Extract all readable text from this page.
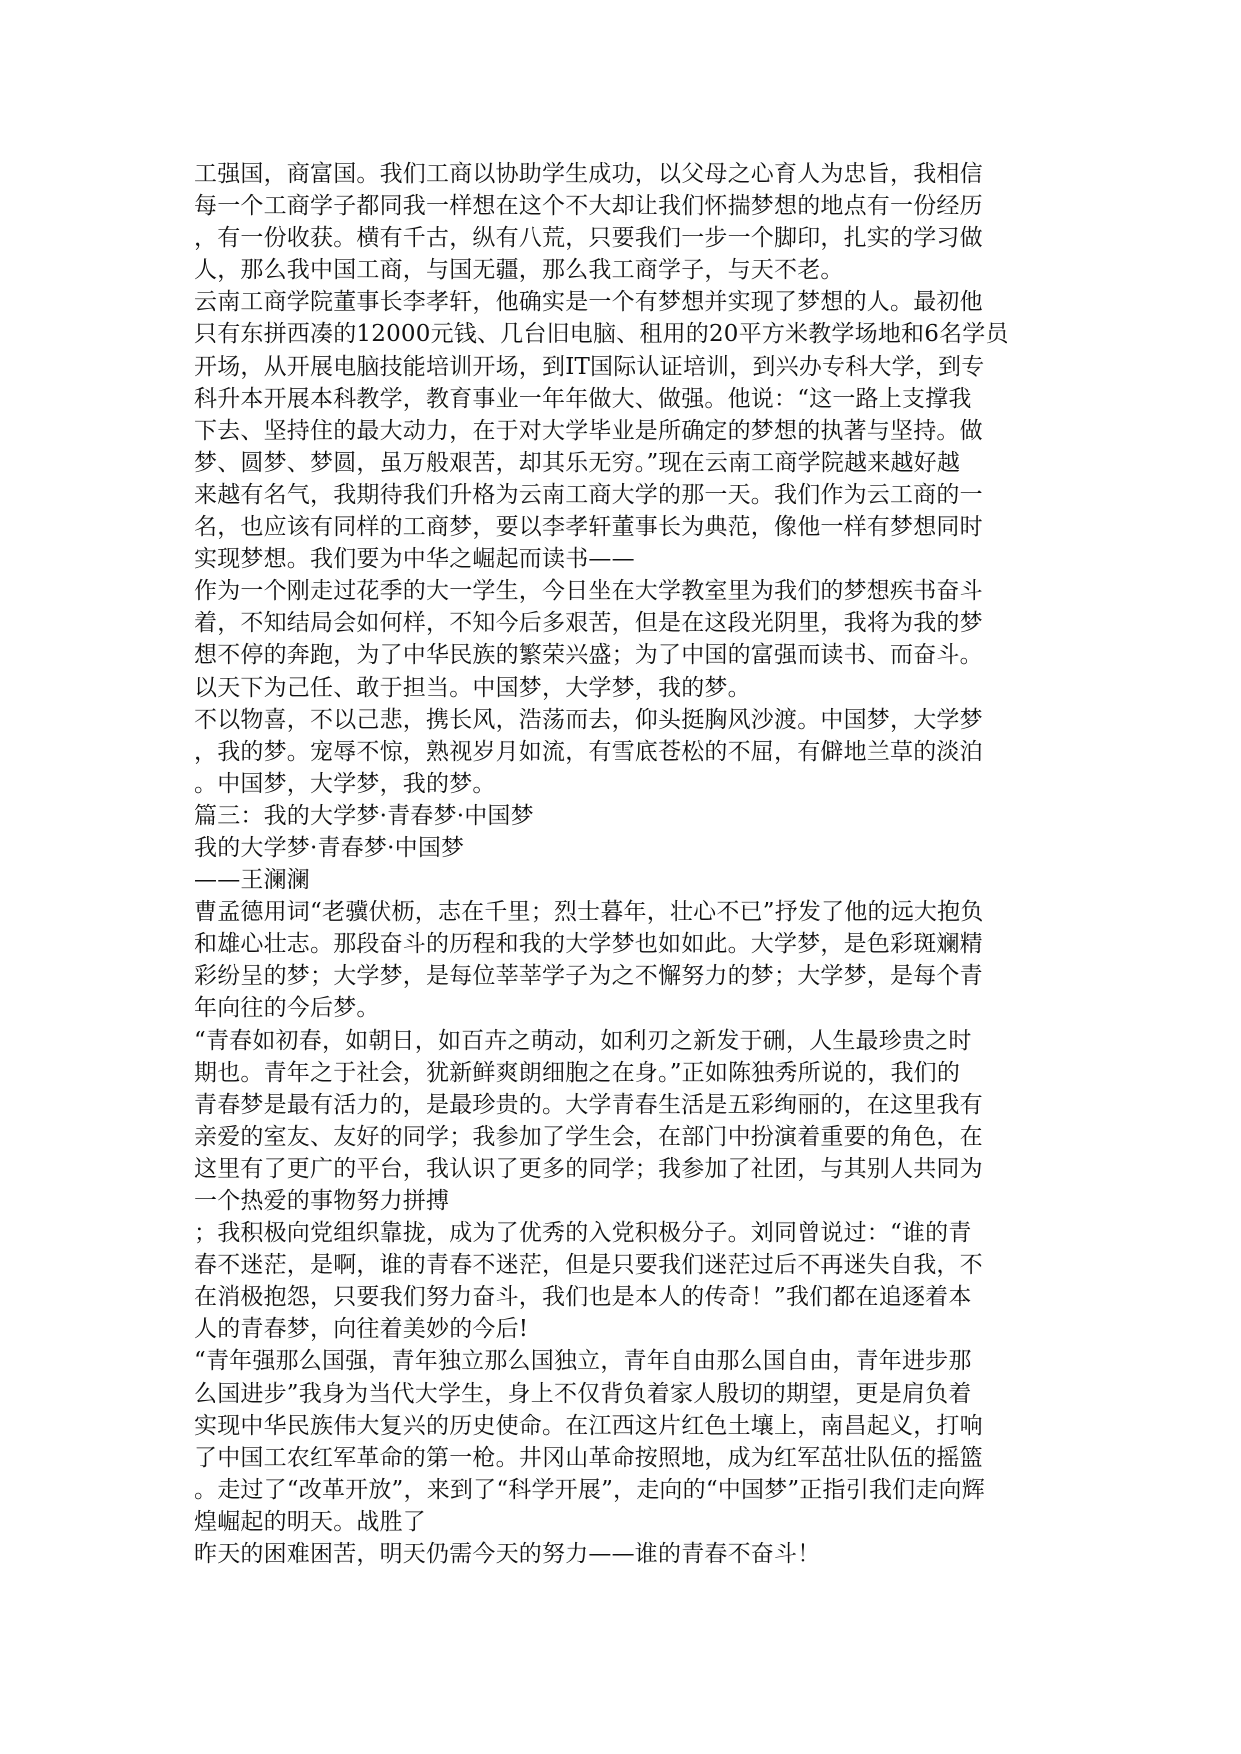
工强国，商富国。我们工商以协助学生成功，以父母之心育人为忠旨，我相信
每一个工商学子都同我一样想在这个不大却让我们怀揣梦想的地点有一份经历
，有一份收获。横有千古，纵有八荒，只要我们一步一个脚印，扎实的学习做
人，那么我中国工商，与国无疆，那么我工商学子，与天不老。
云南工商学院董事长李孝轩，他确实是一个有梦想并实现了梦想的人。最初他
只有东拼西凑的12000元钱、几台旧电脑、租用的20平方米教学场地和6名学员
开场，从开展电脑技能培训开场，到IT国际认证培训，到兴办专科大学，到专
科升本开展本科教学，教育事业一年年做大、做强。他说：“这一路上支撑我
下去、坚持住的最大动力，在于对大学毕业是所确定的梦想的执著与坚持。做
梦、圆梦、梦圆，虽万般艰苦，却其乐无穷。”现在云南工商学院越来越好越
来越有名气，我期待我们升格为云南工商大学的那一天。我们作为云工商的一
名，也应该有同样的工商梦，要以李孝轩董事长为典范，像他一样有梦想同时
实现梦想。我们要为中华之崛起而读书——
作为一个刚走过花季的大一学生，今日坐在大学教室里为我们的梦想疾书奋斗
着，不知结局会如何样，不知今后多艰苦，但是在这段光阴里，我将为我的梦
想不停的奔跑，为了中华民族的繁荣兴盛；为了中国的富强而读书、而奋斗。
以天下为己任、敢于担当。中国梦，大学梦，我的梦。
不以物喜，不以己悲，携长风，浩荡而去，仰头挺胸风沙渡。中国梦，大学梦
，我的梦。宠辱不惊，熟视岁月如流，有雪底苍松的不屈，有僻地兰草的淡泊
。中国梦，大学梦，我的梦。
篇三：我的大学梦·青春梦·中国梦
我的大学梦·青春梦·中国梦
——王澜澜
曹孟德用词“老骥伏枥，志在千里；烈士暮年，壮心不已”抒发了他的远大抱负
和雄心壮志。那段奋斗的历程和我的大学梦也如如此。大学梦，是色彩斑斓精
彩纷呈的梦；大学梦，是每位莘莘学子为之不懈努力的梦；大学梦，是每个青
年向往的今后梦。
“青春如初春，如朝日，如百卉之萌动，如利刃之新发于硎，人生最珍贵之时
期也。青年之于社会，犹新鲜爽朗细胞之在身。”正如陈独秀所说的，我们的
青春梦是最有活力的，是最珍贵的。大学青春生活是五彩绚丽的，在这里我有
亲爱的室友、友好的同学；我参加了学生会，在部门中扮演着重要的角色，在
这里有了更广的平台，我认识了更多的同学；我参加了社团，与其别人共同为
一个热爱的事物努力拼搏
；我积极向党组织靠拢，成为了优秀的入党积极分子。刘同曾说过：“谁的青
春不迷茫，是啊，谁的青春不迷茫，但是只要我们迷茫过后不再迷失自我，不
在消极抱怨，只要我们努力奋斗，我们也是本人的传奇！”我们都在追逐着本
人的青春梦，向往着美妙的今后!
“青年强那么国强，青年独立那么国独立，青年自由那么国自由，青年进步那
么国进步”我身为当代大学生，身上不仅背负着家人殷切的期望，更是肩负着
实现中华民族伟大复兴的历史使命。在江西这片红色土壤上，南昌起义，打响
了中国工农红军革命的第一枪。井冈山革命按照地，成为红军茁壮队伍的摇篮
。走过了“改革开放”，来到了“科学开展”，走向的“中国梦”正指引我们走向辉
煌崛起的明天。战胜了
昨天的困难困苦，明天仍需今天的努力——谁的青春不奋斗！
